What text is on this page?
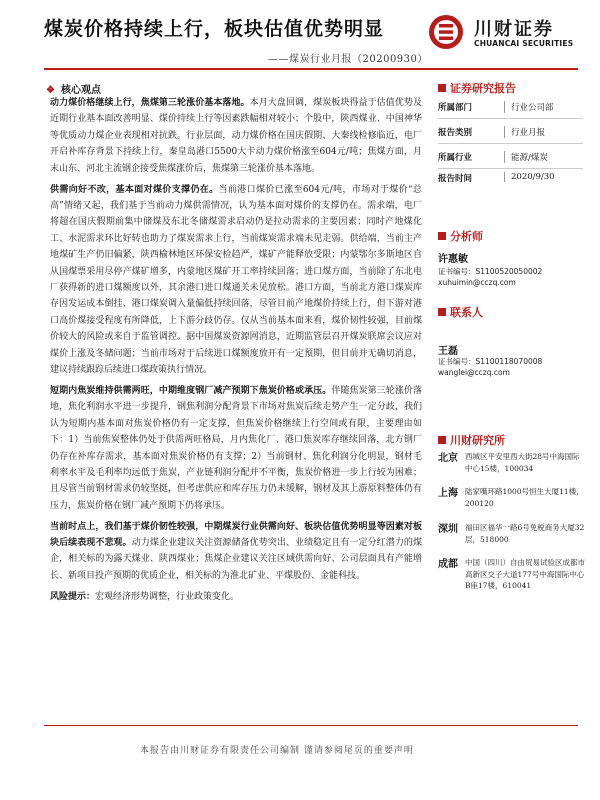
煤炭价格持续上行，板块估值优势明显
——煤炭行业月报（20200930）
川财证券
CHUANCAI SECURITIES
❖ 核心观点

动力煤价格继续上行，焦煤第三轮涨价基本落地。本月大盘回调，煤炭板块得益于估值优势及近期行业基本面改善明显、煤价持续上行等因素跌幅相对较小；个股中，陕西煤业、中国神华等优质动力煤企业表现相对抗跌。行业层面，动力煤价格在国庆假期、大秦线检修临近，电厂开启补库存背景下持续上行，秦皇岛港口5500大卡动力煤价格涨至604元/吨；焦煤方面，月末山东、河北主流钢企接受焦煤涨价后，焦煤第三轮涨价基本落地。

供需向好不改，基本面对煤价支撑仍在。当前港口煤价已涨至604元/吨，市场对于煤价“总高”情绪又起，我们基于当前动力煤供需情况，认为基本面对煤价的支撑仍在。需求端，电厂将超在国庆假期前集中储煤及东北冬储煤需求启动仍是拉动需求的主要因素；同时产地煤化工、水泥需求环比好转也助力了煤炭需求上行，当前煤炭需求端未见走弱。供给端，当前主产地煤矿生产仍旧偏紧，陕西榆林地区环保安检趋严，煤矿产能释放受限；内蒙鄂尔多斯地区自从国煤票采用尽停产煤矿增多，内蒙地区煤矿开工率持续回落；进口煤方面，当前除了东北电厂获得新的进口煤额度以外，其余港口进口煤通关未见放松。港口方面，当前北方港口煤炭库存因发运成本倒挂、港口煤炭调入量偏低持续回落，尽管目前产地煤价持续上行，但下游对港口高价煤接受程度有所降低，上下游分歧仍存。仅从当前基本面来看，煤价韧性较强，目前煤价较大的风险或来自于监管调控。据中国煤炭资源网消息，近期监管层召开煤炭联席会议应对煤价上涨及冬储问题；当前市场对于后续进口煤额度放开有一定预期，但目前并无确切消息，建议持续跟踪后续进口煤政策执行情况。

短期内焦炭维持供需两旺，中期维度钢厂减产预期下焦炭价格或承压。伴随焦炭第三轮涨价落地，焦化利润水平进一步提升，钢焦利润分配背景下市场对焦炭后续走势产生一定分歧，我们认为短期内基本面对焦炭价格仍有一定支撑，但焦炭价格继续上行空间或有限，主要理由如下：1）当前焦炭整体仍处于供需两旺格局，月内焦化厂、港口焦炭库存继续回落，北方钢厂仍存在补库存需求，基本面对焦炭价格仍有支撑；2）当前钢材、焦化利润分化明显，钢材毛利率水平及毛利率均远低于焦炭，产业链利润分配并不平衡，焦炭价格进一步上行较为困难；且尽管当前钢材需求仍较坚挺，但考虑供应和库存压力仍未缓解，钢材及其上游原料整体仍有压力，焦炭价格在钢厂减产预期下仍将承压。

当前时点上，我们基于煤价韧性较强，中期煤炭行业供需向好、板块估值优势明显等因素对板块后续表现不悲观。动力煤企业建议关注资源储备优势突出、业绩稳定且有一定分红潜力的煤企，相关标的为露天煤业、陕西煤业；焦煤企业建议关注区域供需向好、公司层面具有产能增长、新项目投产预期的优质企业，相关标的为淮北矿业、平煤股份、金能科技。

风险提示：宏观经济形势调整，行业政策变化。

证券研究报告
所属部门	行业公司部
报告类别	行业月报
所属行业	能源/煤炭
报告时间	2020/9/30
分析师
许惠敏
证书编号：S1100520050002
xuhuimin@cczq.com
联系人
王磊
证书编号：S1100118070008
wanglei@cczq.com
川财研究所
北京 西城区平安里西大街28号中海国际中心15楼，100034
上海 陆家嘴环路1000号恒生大厦11楼，200120
深圳 福田区福华一路6号免税商务大厦32层，518000
成都 中国（四川）自由贸易试验区成都市高新区交子大道177号中海国际中心B座17楼，610041
本报告由川财证券有限责任公司编制 谨请参阅尾页的重要声明
